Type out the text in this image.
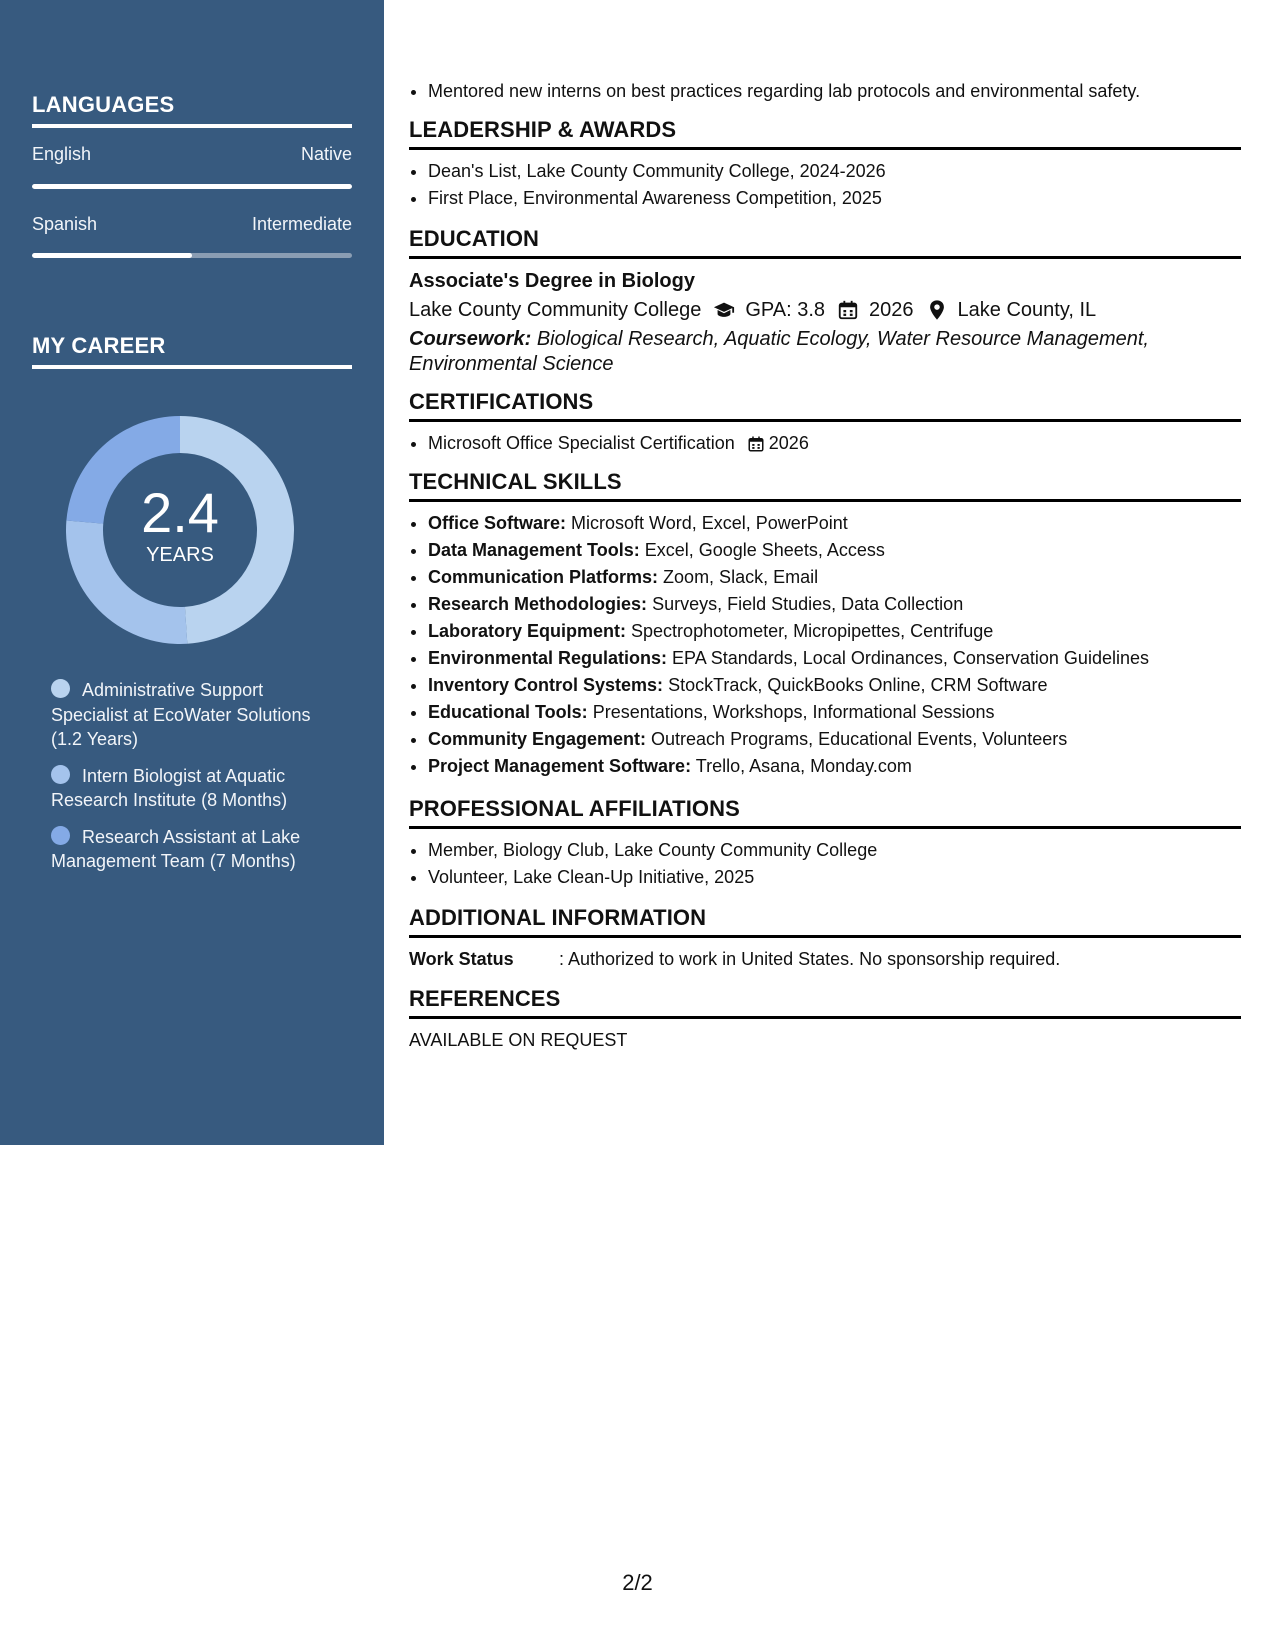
LANGUAGES
English	Native
Spanish	Intermediate
MY CAREER
2.4
YEARS
Administrative Support Specialist at EcoWater Solutions (1.2 Years)
Intern Biologist at Aquatic Research Institute (8 Months)
Research Assistant at Lake Management Team (7 Months)
• Mentored new interns on best practices regarding lab protocols and environmental safety.
LEADERSHIP & AWARDS
• Dean's List, Lake County Community College, 2024-2026
• First Place, Environmental Awareness Competition, 2025
EDUCATION
Associate's Degree in Biology
Lake County Community College GPA: 3.8 2026 Lake County, IL
Coursework: Biological Research, Aquatic Ecology, Water Resource Management, Environmental Science
CERTIFICATIONS
• Microsoft Office Specialist Certification 2026
TECHNICAL SKILLS
• Office Software: Microsoft Word, Excel, PowerPoint
• Data Management Tools: Excel, Google Sheets, Access
• Communication Platforms: Zoom, Slack, Email
• Research Methodologies: Surveys, Field Studies, Data Collection
• Laboratory Equipment: Spectrophotometer, Micropipettes, Centrifuge
• Environmental Regulations: EPA Standards, Local Ordinances, Conservation Guidelines
• Inventory Control Systems: StockTrack, QuickBooks Online, CRM Software
• Educational Tools: Presentations, Workshops, Informational Sessions
• Community Engagement: Outreach Programs, Educational Events, Volunteers
• Project Management Software: Trello, Asana, Monday.com
PROFESSIONAL AFFILIATIONS
• Member, Biology Club, Lake County Community College
• Volunteer, Lake Clean-Up Initiative, 2025
ADDITIONAL INFORMATION
Work Status	: Authorized to work in United States. No sponsorship required.
REFERENCES
AVAILABLE ON REQUEST
2/2
